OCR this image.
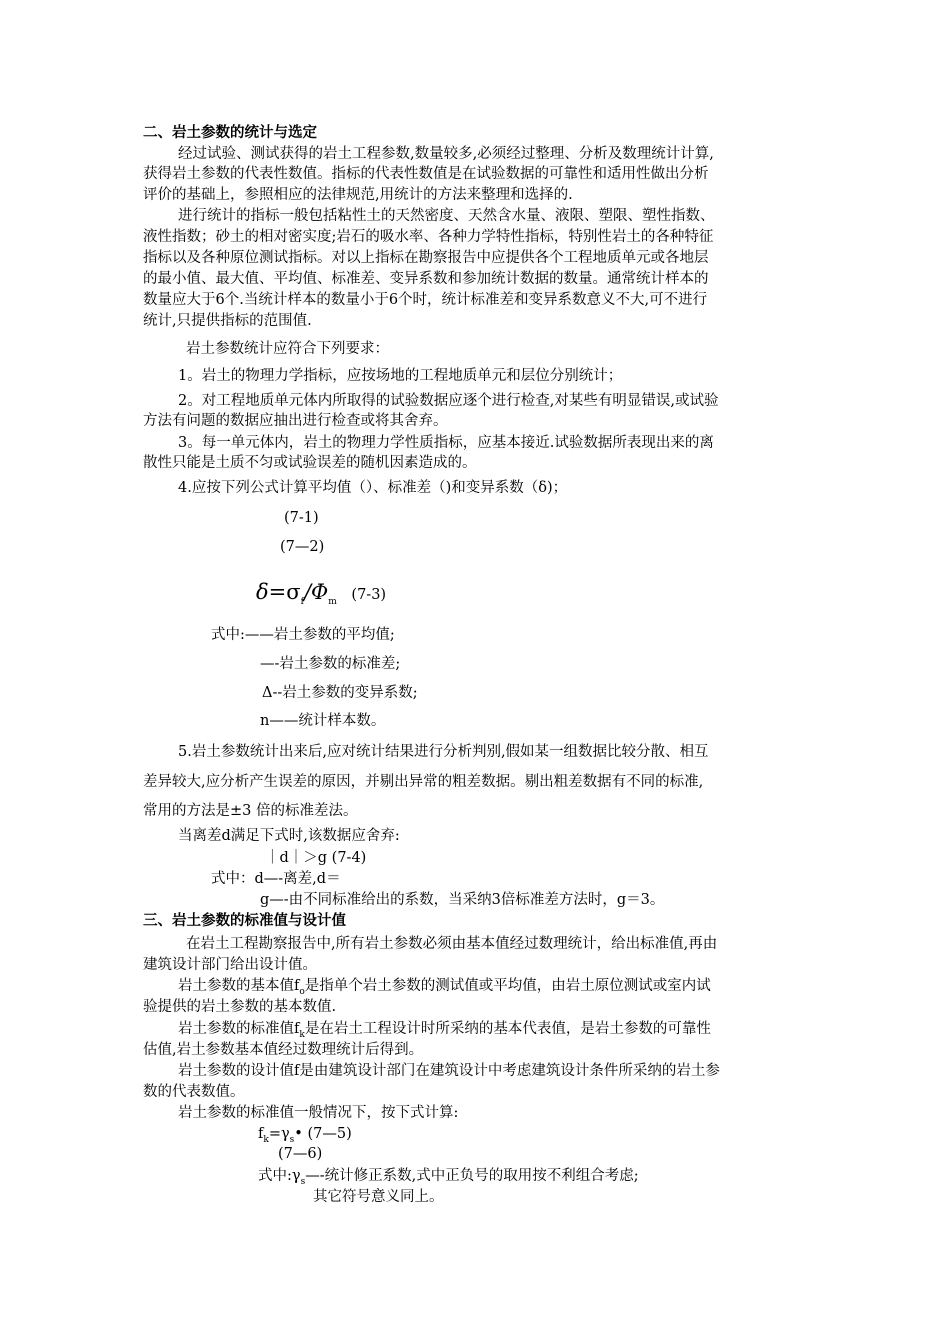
二、岩土参数的统计与选定
经过试验、测试获得的岩土工程参数,数量较多,必须经过整理、分析及数理统计计算,
获得岩土参数的代表性数值。指标的代表性数值是在试验数据的可靠性和适用性做出分析
评价的基础上，参照相应的法律规范,用统计的方法来整理和选择的.
进行统计的指标一般包括粘性土的天然密度、天然含水量、液限、塑限、塑性指数、
液性指数；砂土的相对密实度;岩石的吸水率、各种力学特性指标，特别性岩土的各种特征
指标以及各种原位测试指标。对以上指标在勘察报告中应提供各个工程地质单元或各地层
的最小值、最大值、平均值、标准差、变异系数和参加统计数据的数量。通常统计样本的
数量应大于6个.当统计样本的数量小于6个时，统计标准差和变异系数意义不大,可不进行
统计,只提供指标的范围值.
岩土参数统计应符合下列要求：
1。岩土的物理力学指标，应按场地的工程地质单元和层位分别统计；
2。对工程地质单元体内所取得的试验数据应逐个进行检查,对某些有明显错误,或试验
方法有问题的数据应抽出进行检查或将其舍弃。
3。每一单元体内，岩土的物理力学性质指标，应基本接近.试验数据所表现出来的离
散性只能是土质不匀或试验误差的随机因素造成的。
4.应按下列公式计算平均值（）、标准差（)和变异系数（δ)；
(7-1)
(7—2)
$\delta=\sigma_f/\Phi_m$ (7-3)
式中:——岩土参数的平均值;
—-岩土参数的标准差;
Δ--岩土参数的变异系数;
n——统计样本数。
5.岩土参数统计出来后,应对统计结果进行分析判别,假如某一组数据比较分散、相互
差异较大,应分析产生误差的原因，并剔出异常的粗差数据。剔出粗差数据有不同的标准,
常用的方法是±3 倍的标准差法。
当离差d满足下式时,该数据应舍弃:
｜d｜＞g (7-4)
式中：d—-离差,d＝
g—-由不同标准给出的系数，当采纳3倍标准差方法时，g＝3。
三、岩土参数的标准值与设计值
在岩土工程勘察报告中,所有岩土参数必须由基本值经过数理统计，给出标准值,再由
建筑设计部门给出设计值。
岩土参数的基本值$f_o$是指单个岩土参数的测试值或平均值，由岩土原位测试或室内试
验提供的岩土参数的基本数值.
岩土参数的标准值$f_k$是在岩土工程设计时所采纳的基本代表值，是岩土参数的可靠性
估值,岩土参数基本值经过数理统计后得到。
岩土参数的设计值f是由建筑设计部门在建筑设计中考虑建筑设计条件所采纳的岩土参
数的代表数值。
岩土参数的标准值一般情况下，按下式计算:
$f_k=\gamma_s•$ (7—5)
(7—6)
式中$:\gamma_s—-$统计修正系数,式中正负号的取用按不利组合考虑;
其它符号意义同上。
